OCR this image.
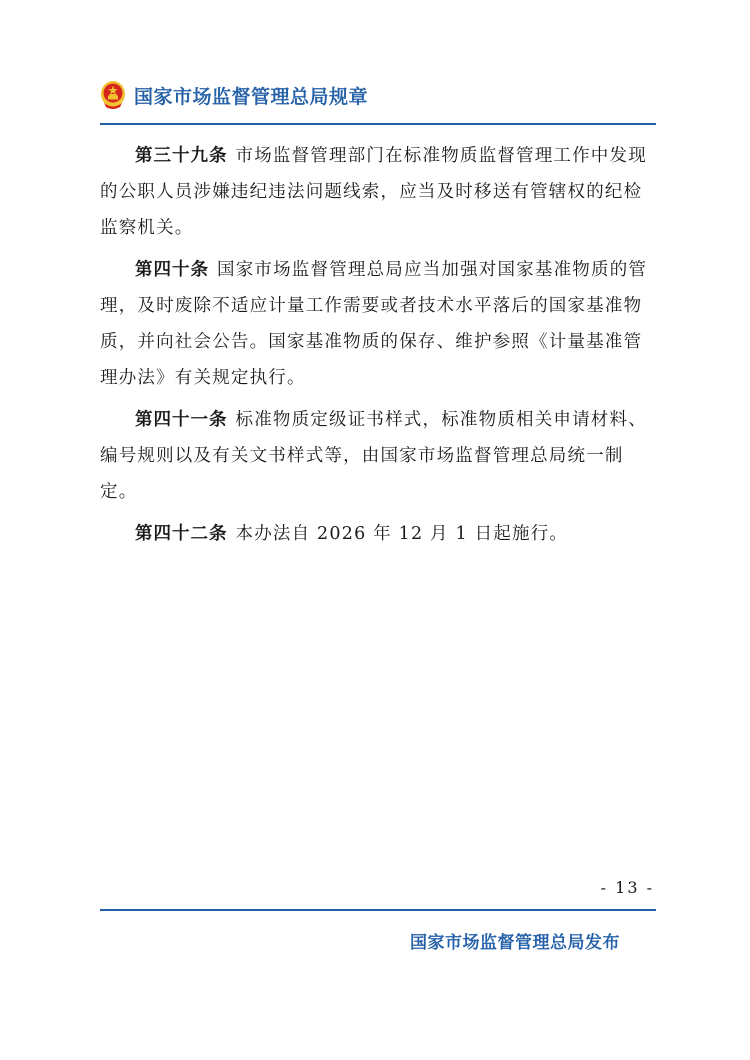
国家市场监督管理总局规章

第三十九条 市场监督管理部门在标准物质监督管理工作中发现的公职人员涉嫌违纪违法问题线索，应当及时移送有管辖权的纪检监察机关。

第四十条 国家市场监督管理总局应当加强对国家基准物质的管理，及时废除不适应计量工作需要或者技术水平落后的国家基准物质，并向社会公告。国家基准物质的保存、维护参照《计量基准管理办法》有关规定执行。

第四十一条 标准物质定级证书样式，标准物质相关申请材料、编号规则以及有关文书样式等，由国家市场监督管理总局统一制定。

第四十二条 本办法自 2026 年 12 月 1 日起施行。

- 13 -
国家市场监督管理总局发布
